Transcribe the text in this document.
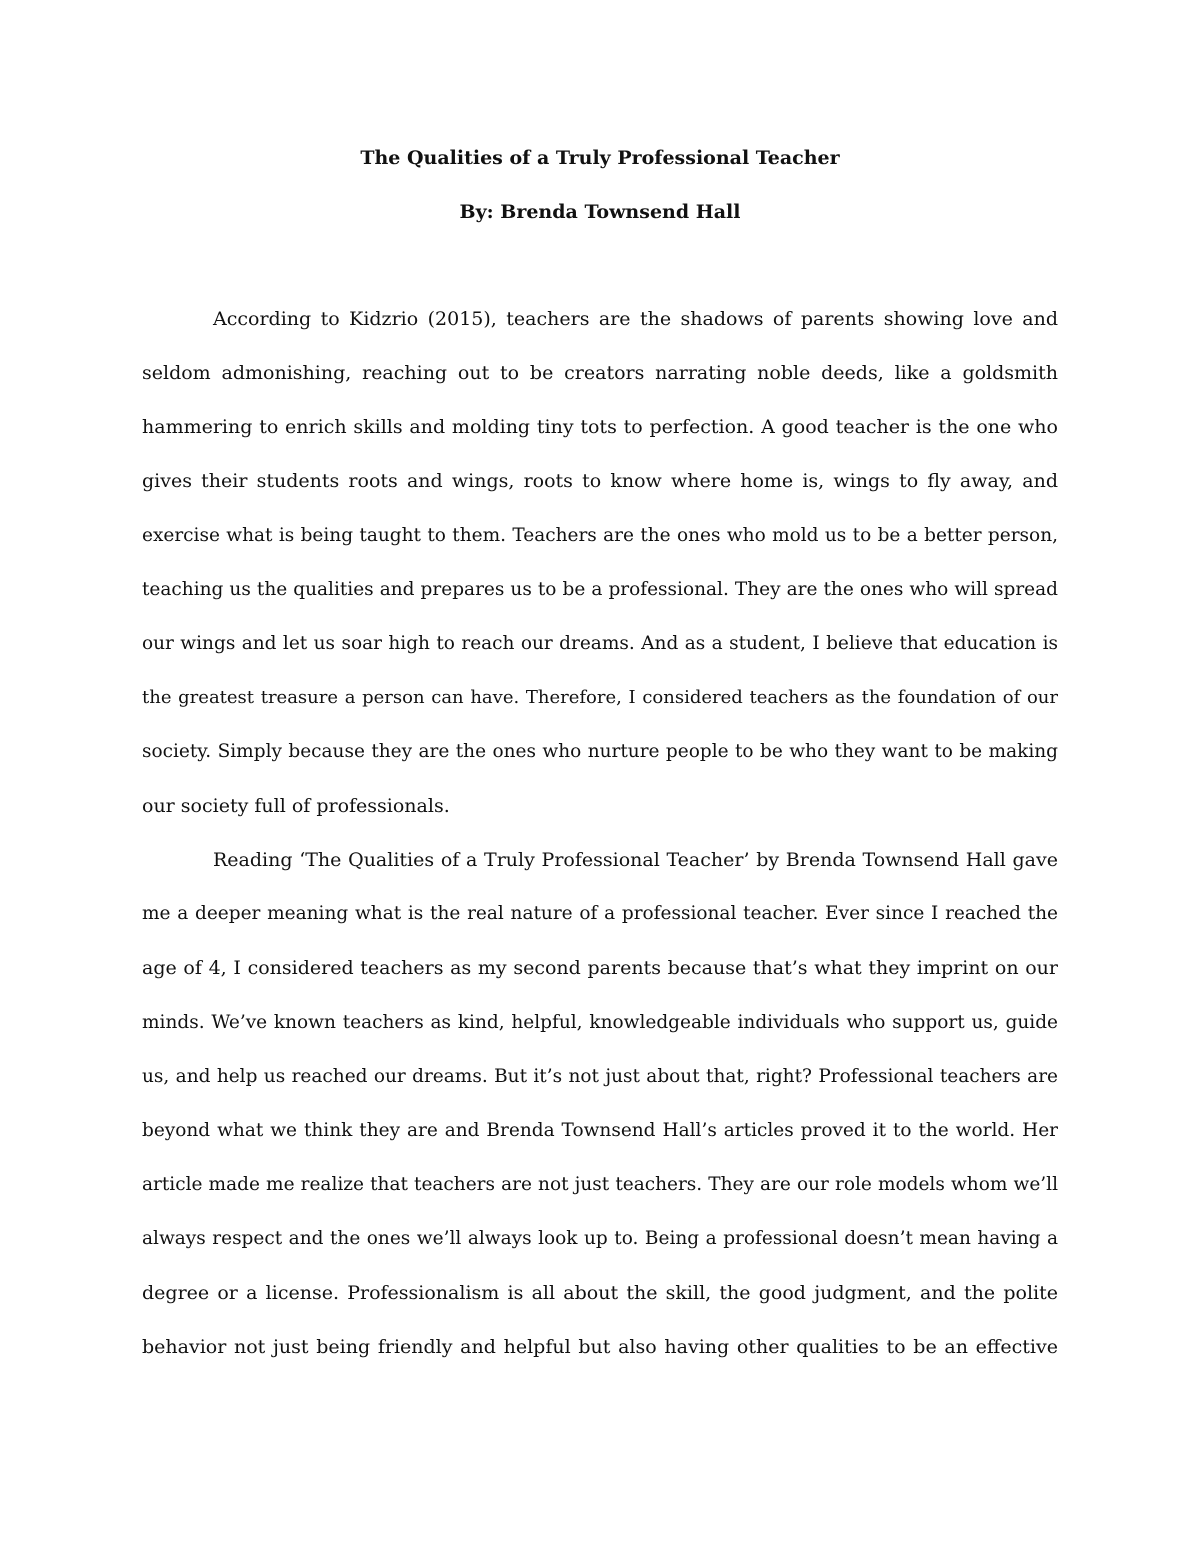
The Qualities of a Truly Professional Teacher
By: Brenda Townsend Hall
According to Kidzrio (2015), teachers are the shadows of parents showing love and
seldom admonishing, reaching out to be creators narrating noble deeds, like a goldsmith
hammering to enrich skills and molding tiny tots to perfection. A good teacher is the one who
gives their students roots and wings, roots to know where home is, wings to fly away, and
exercise what is being taught to them. Teachers are the ones who mold us to be a better person,
teaching us the qualities and prepares us to be a professional. They are the ones who will spread
our wings and let us soar high to reach our dreams. And as a student, I believe that education is
the greatest treasure a person can have. Therefore, I considered teachers as the foundation of our
society. Simply because they are the ones who nurture people to be who they want to be making
our society full of professionals.
Reading ‘The Qualities of a Truly Professional Teacher’ by Brenda Townsend Hall gave
me a deeper meaning what is the real nature of a professional teacher. Ever since I reached the
age of 4, I considered teachers as my second parents because that’s what they imprint on our
minds. We’ve known teachers as kind, helpful, knowledgeable individuals who support us, guide
us, and help us reached our dreams. But it’s not just about that, right? Professional teachers are
beyond what we think they are and Brenda Townsend Hall’s articles proved it to the world. Her
article made me realize that teachers are not just teachers. They are our role models whom we’ll
always respect and the ones we’ll always look up to. Being a professional doesn’t mean having a
degree or a license. Professionalism is all about the skill, the good judgment, and the polite
behavior not just being friendly and helpful but also having other qualities to be an effective
